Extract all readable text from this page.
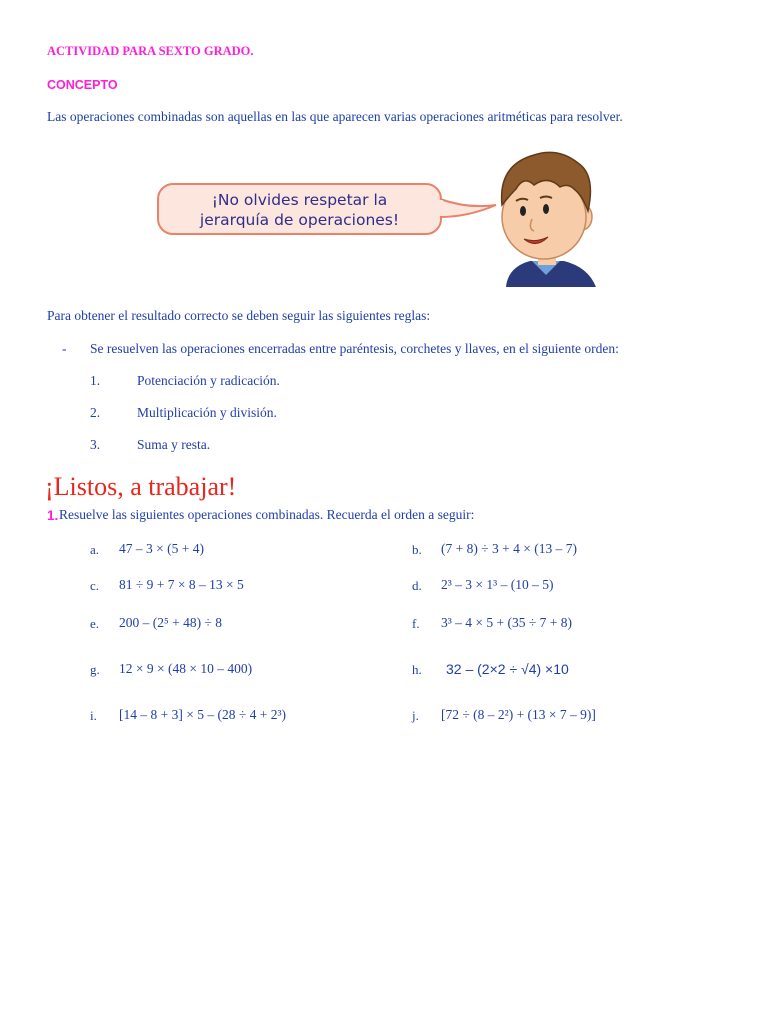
ACTIVIDAD PARA SEXTO GRADO.
CONCEPTO
Las operaciones combinadas son aquellas en las que aparecen varias operaciones aritméticas para resolver.
¡No olvides respetar la
jerarquía de operaciones!
Para obtener el resultado correcto se deben seguir las siguientes reglas:
- Se resuelven las operaciones encerradas entre paréntesis, corchetes y llaves, en el siguiente orden:
1.	Potenciación y radicación.
2.	Multiplicación y división.
3.	Suma y resta.
¡Listos, a trabajar!
1. Resuelve las siguientes operaciones combinadas. Recuerda el orden a seguir:
a. 47 – 3 × (5 + 4)	b. (7 + 8) ÷ 3 + 4 × (13 – 7)
c. 81 ÷ 9 + 7 × 8 – 13 × 5	d. 2³ – 3 × 1³ – (10 – 5)
e. 200 – (2⁵ + 48) ÷ 8	f. 3³ – 4 × 5 + (35 ÷ 7 + 8)
g. 12 × 9 × (48 × 10 – 400)	h. 32 – (2×2 ÷ √4) ×10
i. [14 – 8 + 3] × 5 – (28 ÷ 4 + 2³)	j. [72 ÷ (8 – 2²) + (13 × 7 – 9)]
